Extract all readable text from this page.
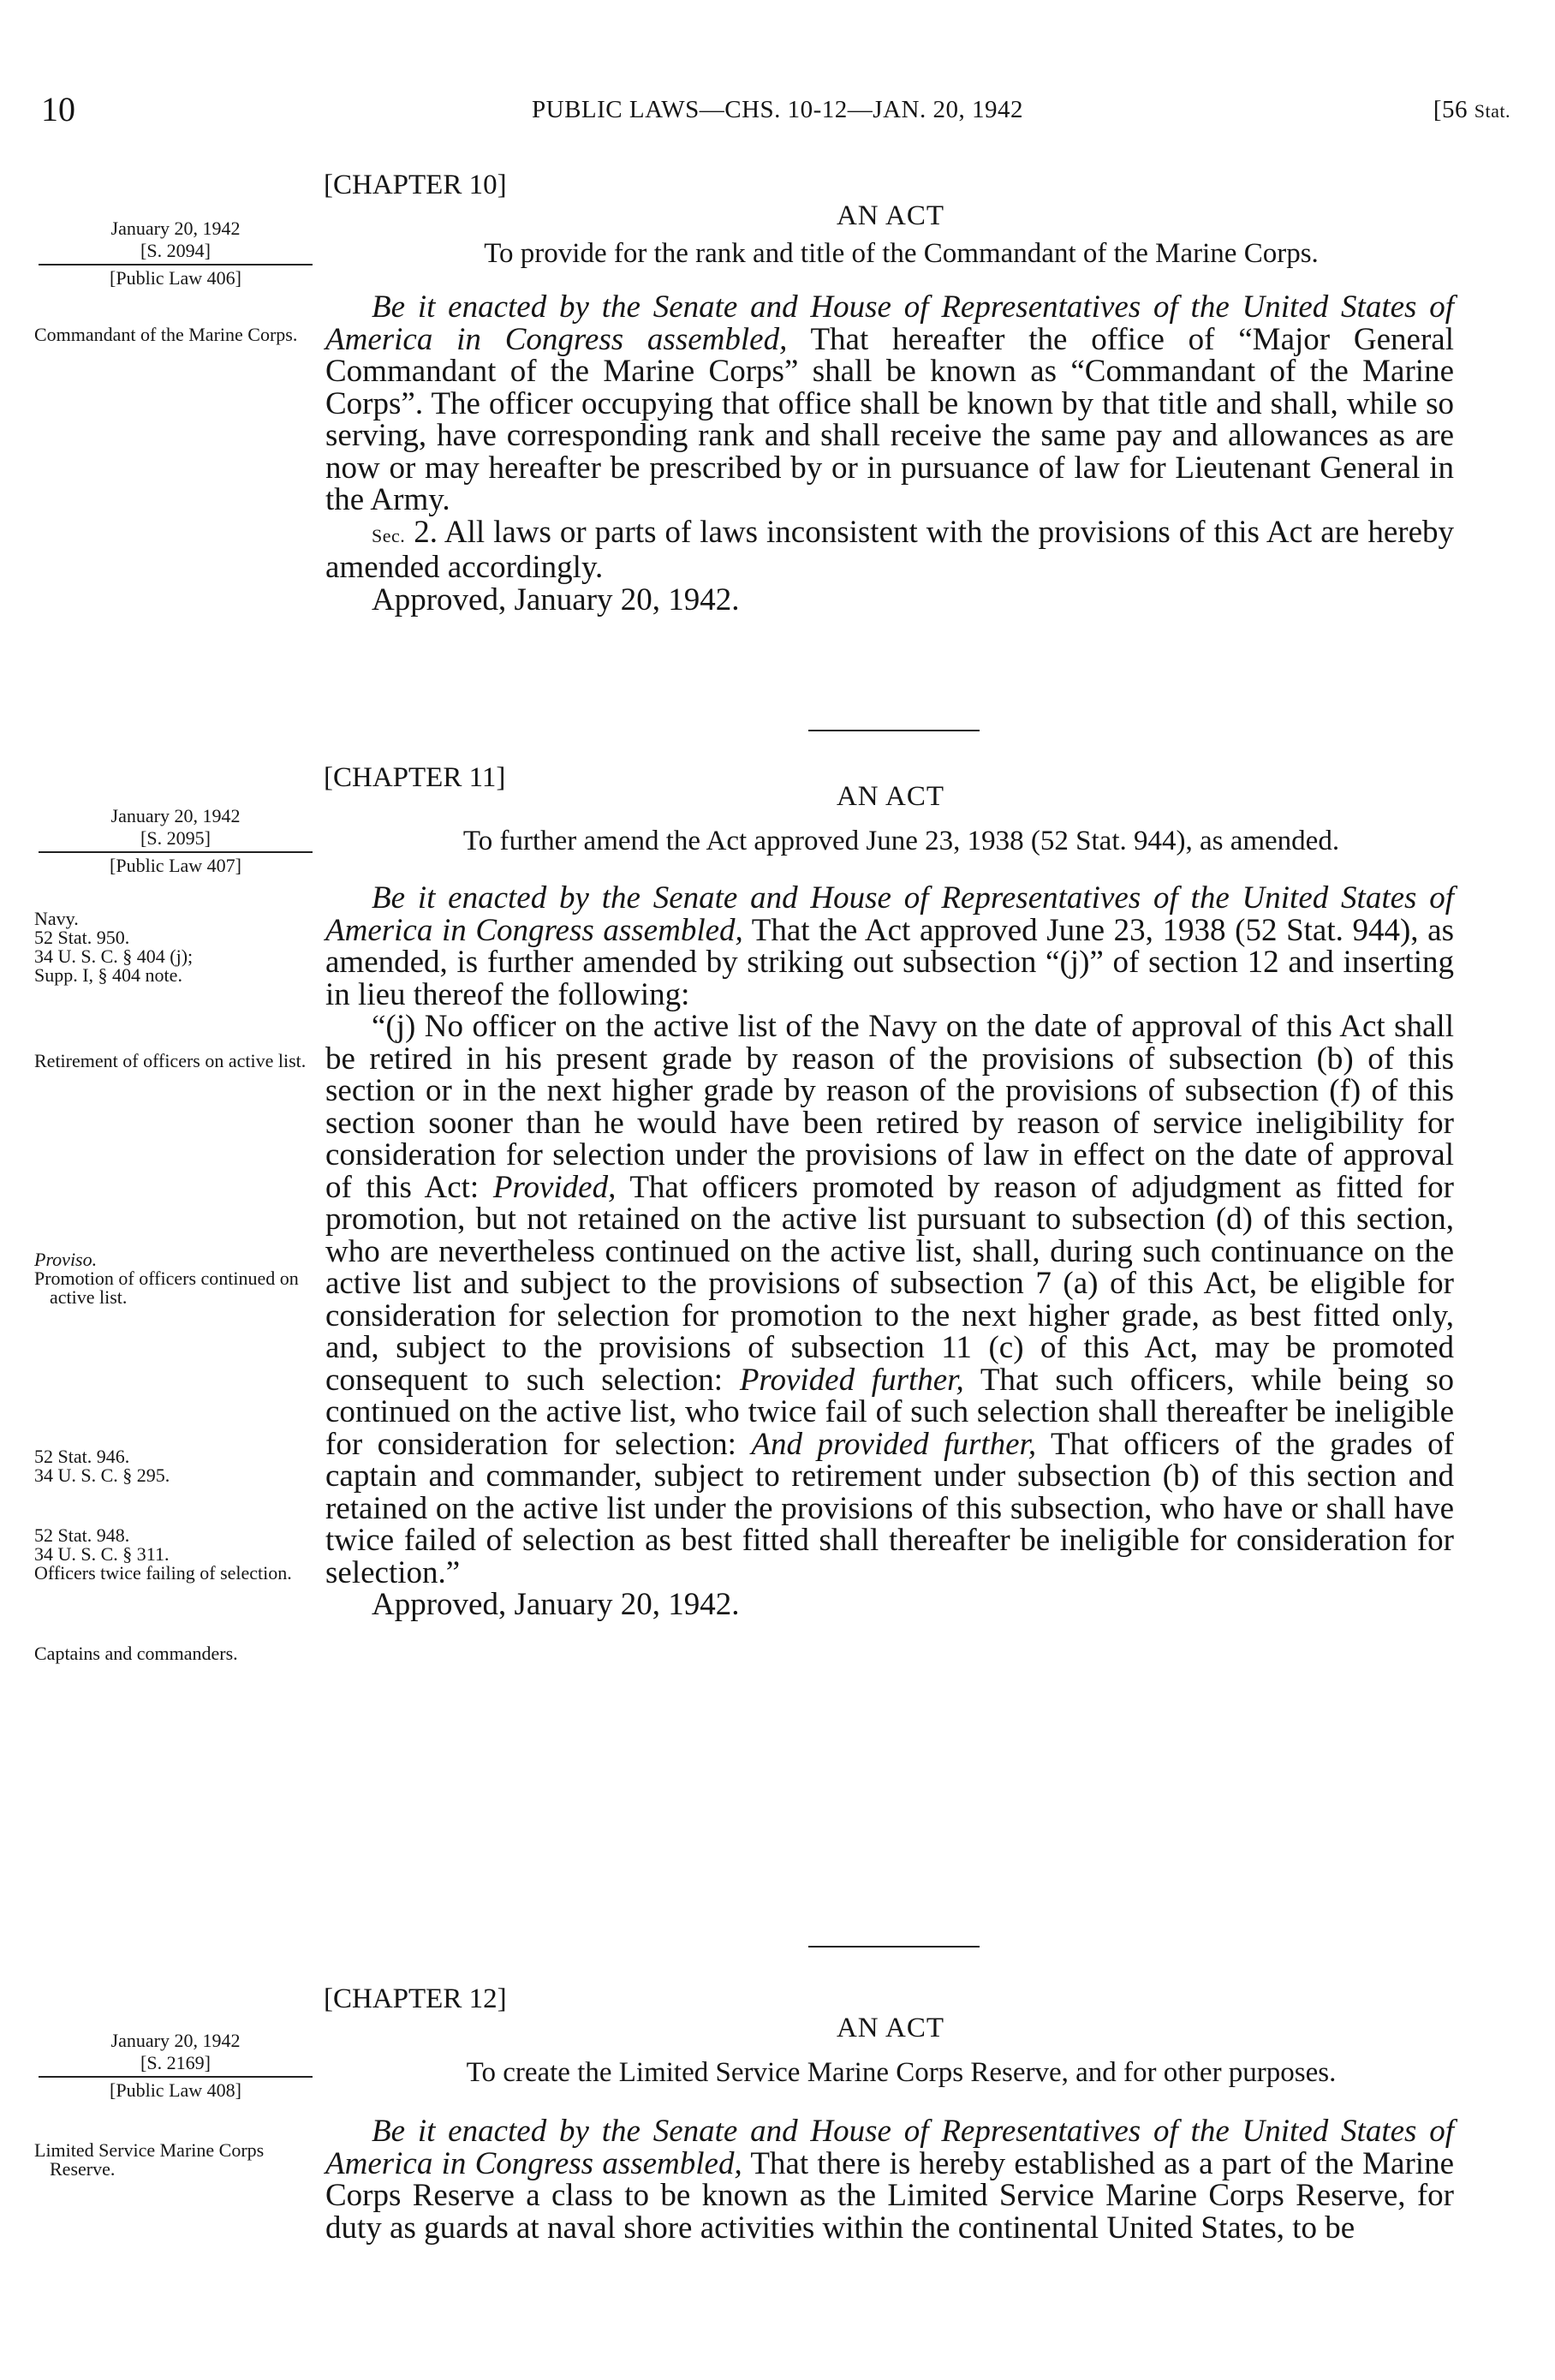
10	PUBLIC LAWS—CHS. 10-12—JAN. 20, 1942	[56 Stat.
[CHAPTER 10]
AN ACT
To provide for the rank and title of the Commandant of the Marine Corps.
January 20, 1942
[S. 2094]
[Public Law 406]
Commandant of the Marine Corps.

Be it enacted by the Senate and House of Representatives of the United States of America in Congress assembled, That hereafter the office of “Major General Commandant of the Marine Corps” shall be known as “Commandant of the Marine Corps”. The officer occupying that office shall be known by that title and shall, while so serving, have corresponding rank and shall receive the same pay and allowances as are now or may hereafter be prescribed by or in pursuance of law for Lieutenant General in the Army.

Sec. 2. All laws or parts of laws inconsistent with the provisions of this Act are hereby amended accordingly.

Approved, January 20, 1942.

[CHAPTER 11]
AN ACT
To further amend the Act approved June 23, 1938 (52 Stat. 944), as amended.
January 20, 1942
[S. 2095]
[Public Law 407]
Navy.
52 Stat. 950.
34 U. S. C. § 404 (j);
Supp. I, § 404 note.
Retirement of officers on active list.
Proviso.
Promotion of officers continued on active list.
52 Stat. 946.
34 U. S. C. § 295.
52 Stat. 948.
34 U. S. C. § 311.
Officers twice failing of selection.
Captains and commanders.

Be it enacted by the Senate and House of Representatives of the United States of America in Congress assembled, That the Act approved June 23, 1938 (52 Stat. 944), as amended, is further amended by striking out subsection “(j)” of section 12 and inserting in lieu thereof the following:

“(j) No officer on the active list of the Navy on the date of approval of this Act shall be retired in his present grade by reason of the provisions of subsection (b) of this section or in the next higher grade by reason of the provisions of subsection (f) of this section sooner than he would have been retired by reason of service ineligibility for consideration for selection under the provisions of law in effect on the date of approval of this Act: Provided, That officers promoted by reason of adjudgment as fitted for promotion, but not retained on the active list pursuant to subsection (d) of this section, who are nevertheless continued on the active list, shall, during such continuance on the active list and subject to the provisions of subsection 7 (a) of this Act, be eligible for consideration for selection for promotion to the next higher grade, as best fitted only, and, subject to the provisions of subsection 11 (c) of this Act, may be promoted consequent to such selection: Provided further, That such officers, while being so continued on the active list, who twice fail of such selection shall thereafter be ineligible for consideration for selection: And provided further, That officers of the grades of captain and commander, subject to retirement under subsection (b) of this section and retained on the active list under the provisions of this subsection, who have or shall have twice failed of selection as best fitted shall thereafter be ineligible for consideration for selection.”

Approved, January 20, 1942.

[CHAPTER 12]
AN ACT
To create the Limited Service Marine Corps Reserve, and for other purposes.
January 20, 1942
[S. 2169]
[Public Law 408]
Limited Service Marine Corps Reserve.

Be it enacted by the Senate and House of Representatives of the United States of America in Congress assembled, That there is hereby established as a part of the Marine Corps Reserve a class to be known as the Limited Service Marine Corps Reserve, for duty as guards at naval shore activities within the continental United States, to be
